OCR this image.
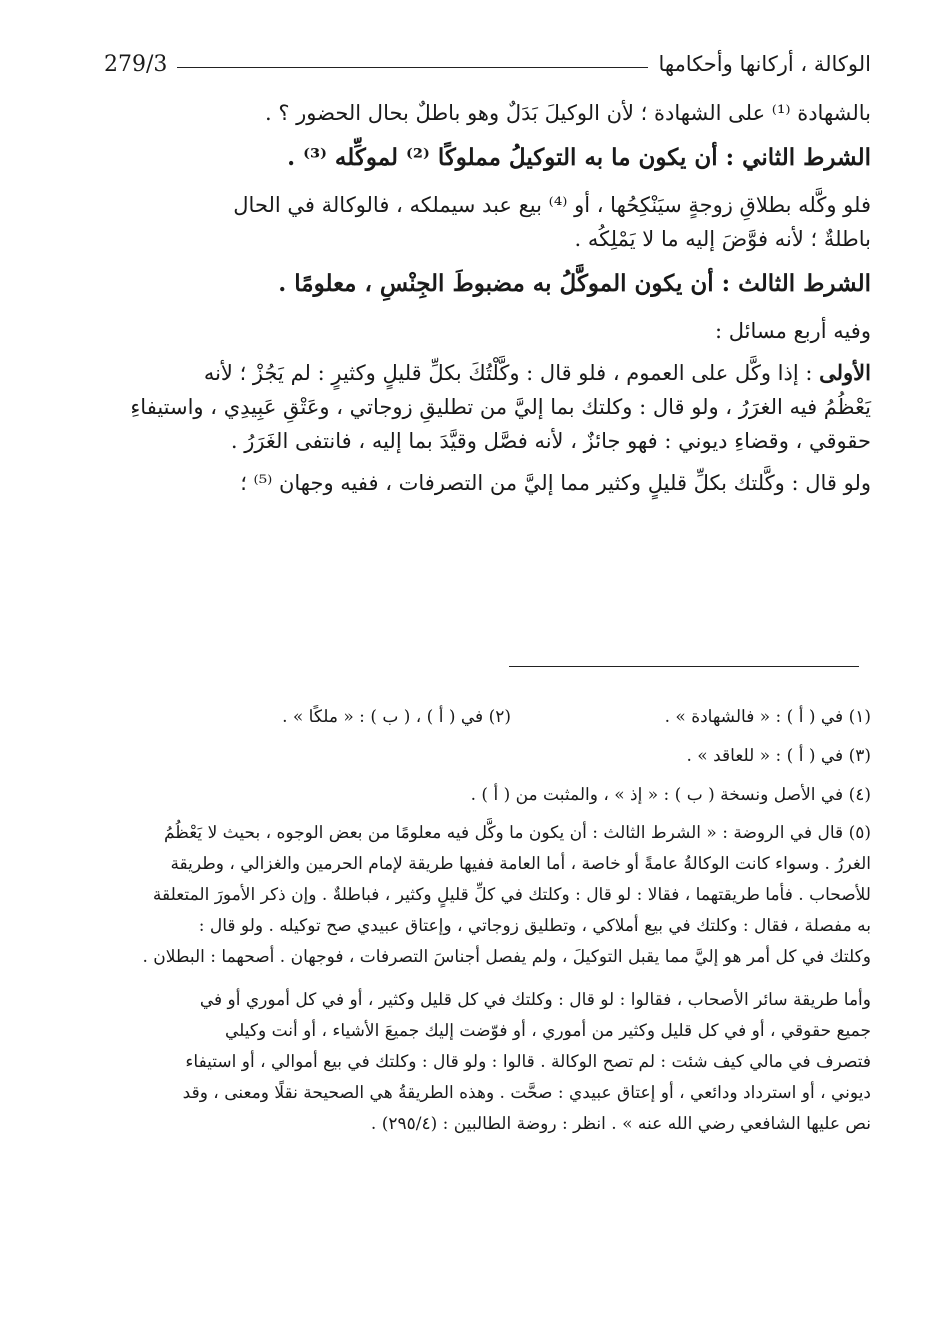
الوكالة ، أركانها وأحكامها
279/3

بالشهادة ⁽¹⁾ على الشهادة ؛ لأن الوكيلَ بَدَلٌ وهو باطلٌ بحال الحضور ؟ .

الشرط الثاني : أن يكون ما به التوكيلُ مملوكًا ⁽²⁾ لموكِّله ⁽³⁾ .

فلو وكَّله بطلاقِ زوجةٍ سيَنْكِحُها ، أو ⁽⁴⁾ بيع عبد سيملكه ، فالوكالة في الحال

باطلةٌ ؛ لأنه فوَّضَ إليه ما لا يَمْلِكُه .

الشرط الثالث : أن يكون الموكَّلُ به مضبوطَ الجِنْسِ ، معلومًا .

وفيه أربع مسائل :

الأولى : إذا وكَّل على العموم ، فلو قال : وكَّلْتُكَ بكلِّ قليلٍ وكثيرٍ : لم يَجُزْ ؛ لأنه

يَعْظُمُ فيه الغرَرُ ، ولو قال : وكلتك بما إليَّ من تطليقِ زوجاتي ، وعَتْقِ عَبِيدِي ، واستيفاءِ

حقوقي ، وقضاءِ ديوني : فهو جائزٌ ، لأنه فصَّل وقيَّدَ بما إليه ، فانتفى الغَرَرُ .

ولو قال : وكَّلتك بكلِّ قليلٍ وكثير مما إليَّ من التصرفات ، ففيه وجهان ⁽⁵⁾ ؛

(١) في ( أ ) : « فالشهادة » .
(٢) في ( أ ) ، ( ب ) : « ملكًا » .

(٣) في ( أ ) : « للعاقد » .

(٤) في الأصل ونسخة ( ب ) : « إذ » ، والمثبت من ( أ ) .

(٥) قال في الروضة : « الشرط الثالث : أن يكون ما وكَّل فيه معلومًا من بعض الوجوه ، بحيث لا يَعْظُمُ

الغررُ . وسواء كانت الوكالةُ عامةً أو خاصة ، أما العامة ففيها طريقة لإمام الحرمين والغزالي ، وطريقة

للأصحاب . فأما طريقتهما ، فقالا : لو قال : وكلتك في كلِّ قليلٍ وكثير ، فباطلةٌ . وإن ذكر الأمورَ المتعلقة

به مفصلة ، فقال : وكلتك في بيع أملاكي ، وتطليق زوجاتي ، وإعتاق عبيدي صح توكيله . ولو قال :

وكلتك في كل أمر هو إليَّ مما يقبل التوكيلَ ، ولم يفصل أجناسَ التصرفات ، فوجهان . أصحهما : البطلان .

وأما طريقة سائر الأصحاب ، فقالوا : لو قال : وكلتك في كل قليل وكثير ، أو في كل أموري أو في

جميع حقوقي ، أو في كل قليل وكثير من أموري ، أو فوّضت إليك جميعَ الأشياء ، أو أنت وكيلي

فتصرف في مالي كيف شئت : لم تصح الوكالة . قالوا : ولو قال : وكلتك في بيع أموالي ، أو استيفاء

ديوني ، أو استرداد ودائعي ، أو إعتاق عبيدي : صحَّت . وهذه الطريقةُ هي الصحيحة نقلًا ومعنى ، وقد

نص عليها الشافعي رضي الله عنه » . انظر : روضة الطالبين : (٢٩٥/٤) .
